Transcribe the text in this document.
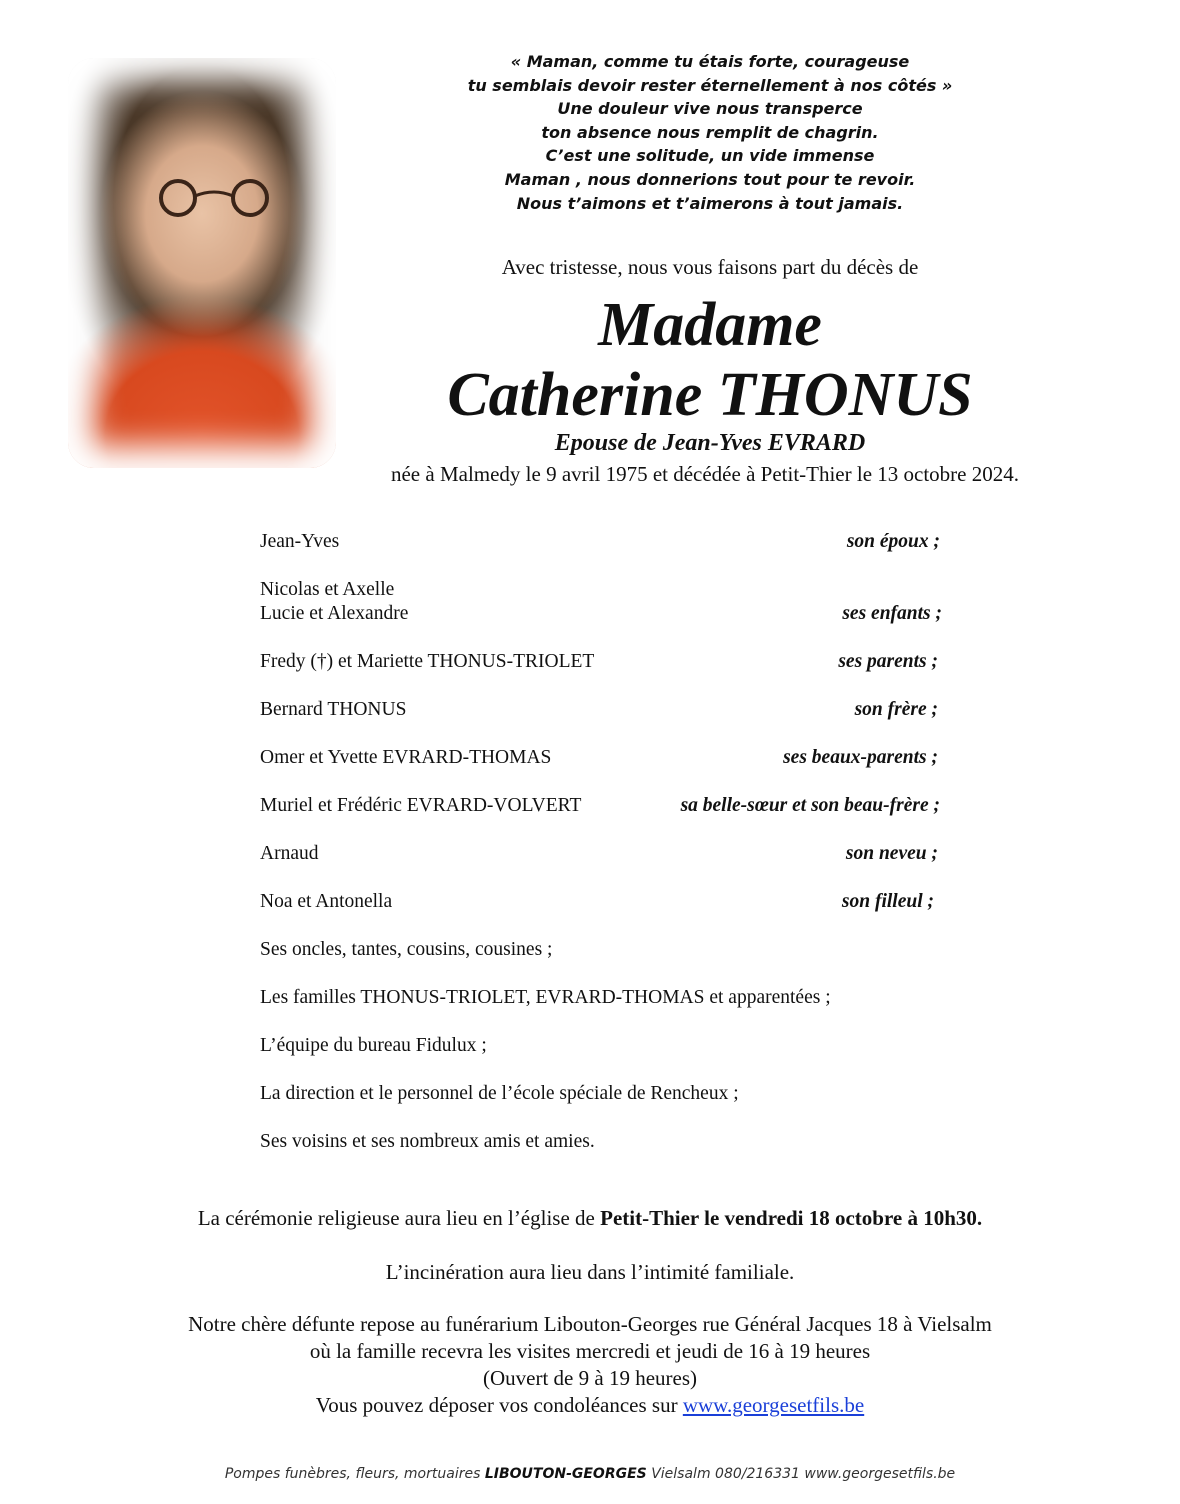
« Maman, comme tu étais forte, courageuse
tu semblais devoir rester éternellement à nos côtés »
Une douleur vive nous transperce
ton absence nous remplit de chagrin.
C’est une solitude, un vide immense
Maman , nous donnerions tout pour te revoir.
Nous t’aimons et t’aimerons à tout jamais.
Avec tristesse, nous vous faisons part du décès de
Madame
Catherine THONUS
Epouse de Jean-Yves EVRARD
née à Malmedy le 9 avril 1975 et décédée à Petit-Thier le 13 octobre 2024.
Jean-Yves	son époux ;
Nicolas et Axelle
Lucie et Alexandre	ses enfants ;
Fredy (†) et Mariette THONUS-TRIOLET	ses parents ;
Bernard THONUS	son frère ;
Omer et Yvette EVRARD-THOMAS	ses beaux-parents ;
Muriel et Frédéric EVRARD-VOLVERT	sa belle-sœur et son beau-frère ;
Arnaud	son neveu ;
Noa et Antonella	son filleul ;
Ses oncles, tantes, cousins, cousines ;
Les familles THONUS-TRIOLET, EVRARD-THOMAS et apparentées ;
L’équipe du bureau Fidulux ;
La direction et le personnel de l’école spéciale de Rencheux ;
Ses voisins et ses nombreux amis et amies.
La cérémonie religieuse aura lieu en l’église de Petit-Thier le vendredi 18 octobre à 10h30.
L’incinération aura lieu dans l’intimité familiale.
Notre chère défunte repose au funérarium Libouton-Georges rue Général Jacques 18 à Vielsalm
où la famille recevra les visites mercredi et jeudi de 16 à 19 heures
(Ouvert de 9 à 19 heures)
Vous pouvez déposer vos condoléances sur www.georgesetfils.be
Pompes funèbres, fleurs, mortuaires LIBOUTON-GEORGES Vielsalm 080/216331 www.georgesetfils.be
